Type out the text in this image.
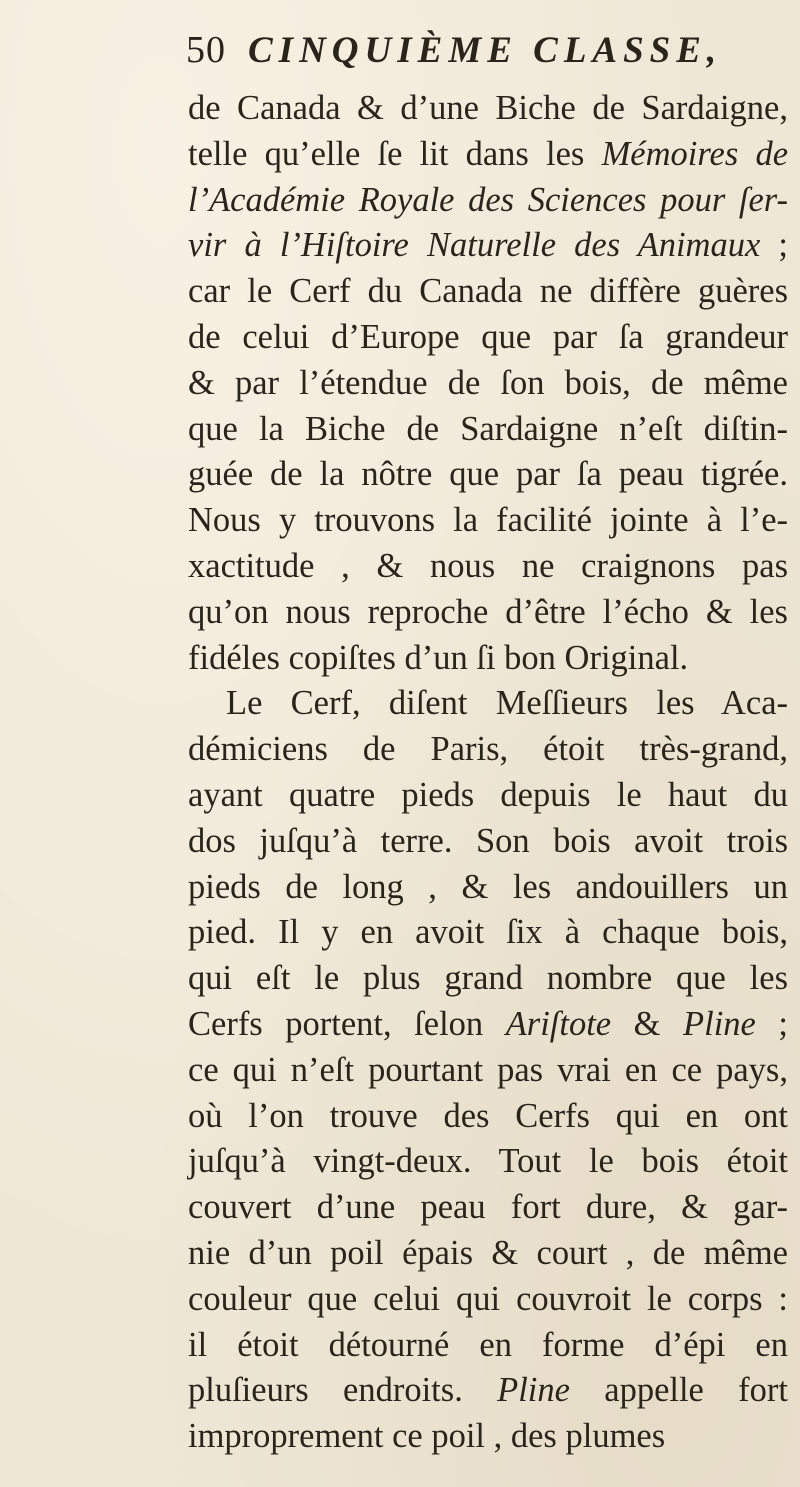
50 CINQUIÈME CLASSE,
de Canada & d’une Biche de Sardaigne,
telle qu’elle ſe lit dans les Mémoires de
l’Académie Royale des Sciences pour ſer-
vir à l’Hiſtoire Naturelle des Animaux ;
car le Cerf du Canada ne diffère guères
de celui d’Europe que par ſa grandeur
& par l’étendue de ſon bois, de même
que la Biche de Sardaigne n’eſt diſtin-
guée de la nôtre que par ſa peau tigrée.
Nous y trouvons la facilité jointe à l’e-
xactitude , & nous ne craignons pas
qu’on nous reproche d’être l’écho & les
fidéles copiſtes d’un ſi bon Original.
Le Cerf, diſent Meſſieurs les Aca-
démiciens de Paris, étoit très-grand,
ayant quatre pieds depuis le haut du
dos juſqu’à terre. Son bois avoit trois
pieds de long , & les andouillers un
pied. Il y en avoit ſix à chaque bois,
qui eſt le plus grand nombre que les
Cerfs portent, ſelon Ariſtote & Pline ;
ce qui n’eſt pourtant pas vrai en ce pays,
où l’on trouve des Cerfs qui en ont
juſqu’à vingt-deux. Tout le bois étoit
couvert d’une peau fort dure, & gar-
nie d’un poil épais & court , de même
couleur que celui qui couvroit le corps :
il étoit détourné en forme d’épi en
pluſieurs endroits. Pline appelle fort
improprement ce poil , des plumes
